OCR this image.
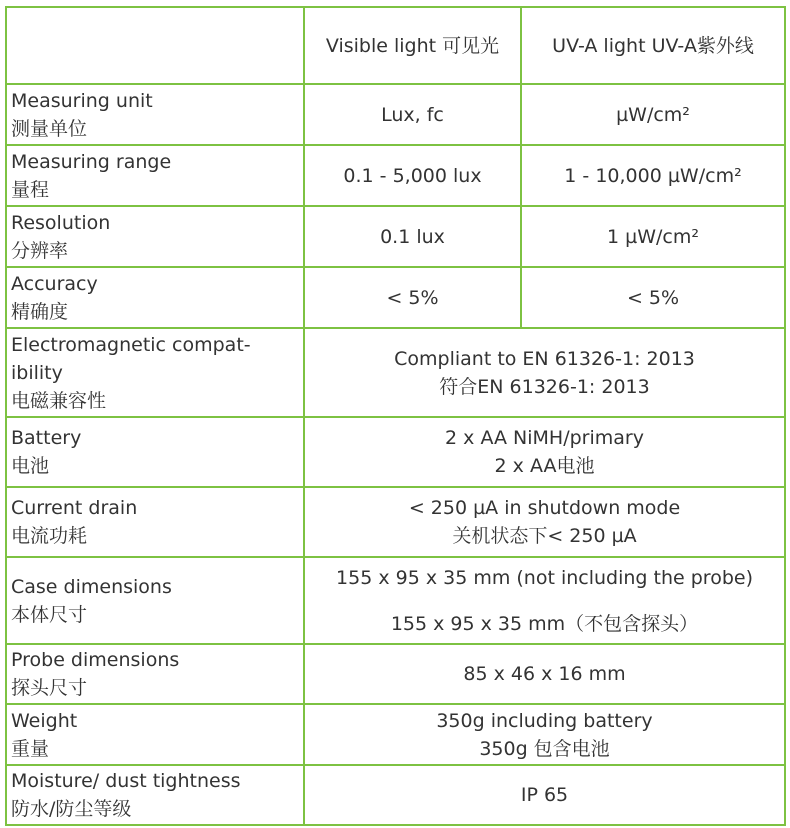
	Visible light 可见光	UV-A light UV-A紫外线

Measuring unit
测量单位	Lux, fc	µW/cm²

Measuring range
量程	0.1 - 5,000 lux	1 - 10,000 µW/cm²

Resolution
分辨率	0.1 lux	1 µW/cm²

Accuracy
精确度	< 5%	< 5%

Electromagnetic compat-
ibility
电磁兼容性	Compliant to EN 61326-1: 2013
符合EN 61326-1: 2013	

Battery
电池	2 x AA NiMH/primary
2 x AA电池	

Current drain
电流功耗	< 250 µA in shutdown mode
关机状态下< 250 µA	

Case dimensions
本体尺寸	155 x 95 x 35 mm (not including the probe)
155 x 95 x 35 mm（不包含探头）	

Probe dimensions
探头尺寸	85 x 46 x 16 mm	

Weight
重量	350g including battery
350g 包含电池	

Moisture/ dust tightness
防水/防尘等级	IP 65	
